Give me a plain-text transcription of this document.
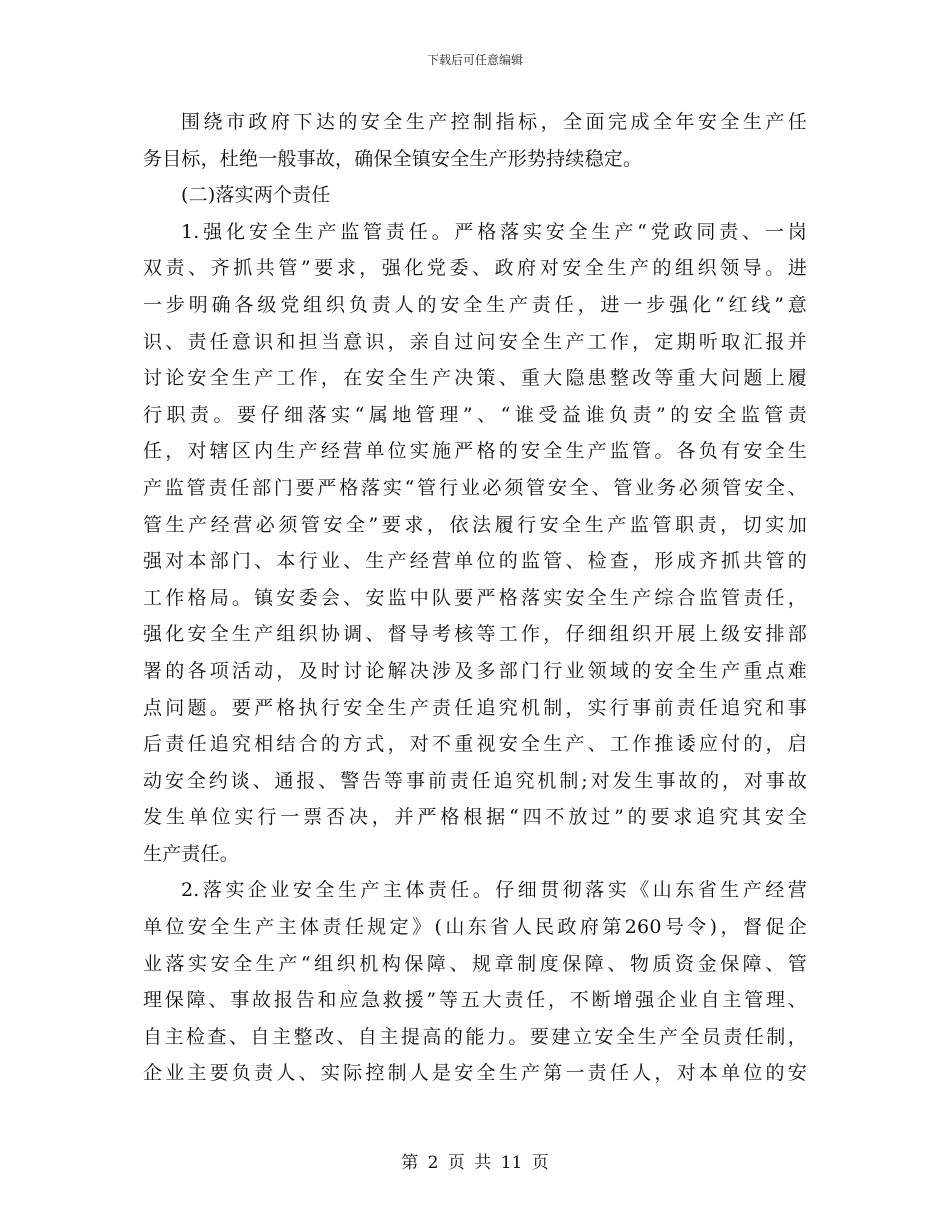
下载后可任意编辑
围绕市政府下达的安全生产控制指标，全面完成全年安全生产任
务目标，杜绝一般事故，确保全镇安全生产形势持续稳定。
(二)落实两个责任
1.强化安全生产监管责任。严格落实安全生产“党政同责、一岗
双责、齐抓共管”要求，强化党委、政府对安全生产的组织领导。进
一步明确各级党组织负责人的安全生产责任，进一步强化“红线”意
识、责任意识和担当意识，亲自过问安全生产工作，定期听取汇报并
讨论安全生产工作，在安全生产决策、重大隐患整改等重大问题上履
行职责。要仔细落实“属地管理”、“谁受益谁负责”的安全监管责
任，对辖区内生产经营单位实施严格的安全生产监管。各负有安全生
产监管责任部门要严格落实“管行业必须管安全、管业务必须管安全、
管生产经营必须管安全”要求，依法履行安全生产监管职责，切实加
强对本部门、本行业、生产经营单位的监管、检查，形成齐抓共管的
工作格局。镇安委会、安监中队要严格落实安全生产综合监管责任，
强化安全生产组织协调、督导考核等工作，仔细组织开展上级安排部
署的各项活动，及时讨论解决涉及多部门行业领域的安全生产重点难
点问题。要严格执行安全生产责任追究机制，实行事前责任追究和事
后责任追究相结合的方式，对不重视安全生产、工作推诿应付的，启
动安全约谈、通报、警告等事前责任追究机制;对发生事故的，对事故
发生单位实行一票否决，并严格根据“四不放过”的要求追究其安全
生产责任。
2.落实企业安全生产主体责任。仔细贯彻落实《山东省生产经营
单位安全生产主体责任规定》(山东省人民政府第260号令)，督促企
业落实安全生产“组织机构保障、规章制度保障、物质资金保障、管
理保障、事故报告和应急救援”等五大责任，不断增强企业自主管理、
自主检查、自主整改、自主提高的能力。要建立安全生产全员责任制，
企业主要负责人、实际控制人是安全生产第一责任人，对本单位的安
第 2 页 共 11 页
